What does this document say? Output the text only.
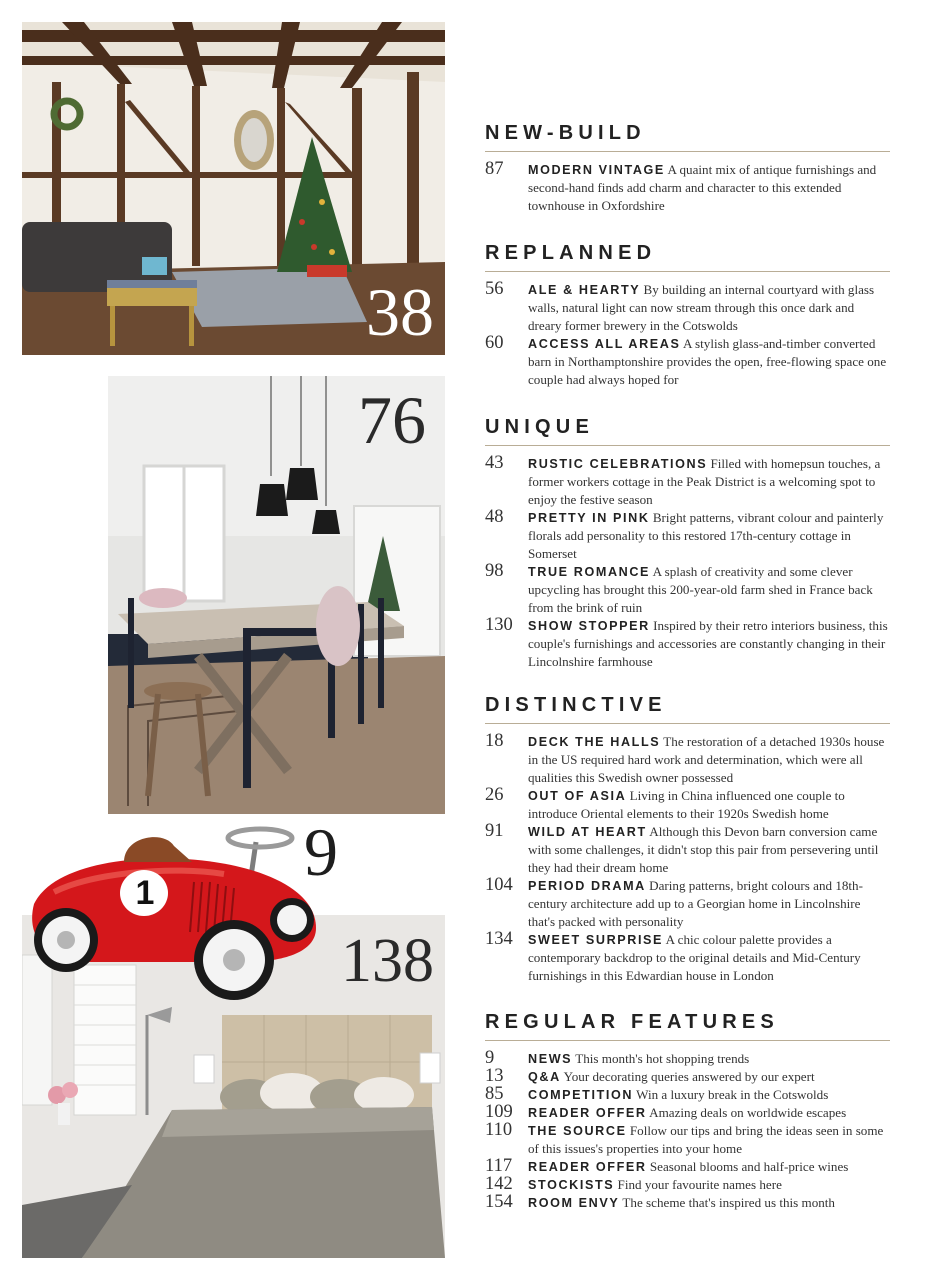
38
76
138
1
9
NEW-BUILD
87 MODERN VINTAGE A quaint mix of antique furnishings and second-hand finds add charm and character to this extended townhouse in Oxfordshire
REPLANNED
56 ALE & HEARTY By building an internal courtyard with glass walls, natural light can now stream through this once dark and dreary former brewery in the Cotswolds
60 ACCESS ALL AREAS A stylish glass-and-timber converted barn in Northamptonshire provides the open, free-flowing space one couple had always hoped for
UNIQUE
43 RUSTIC CELEBRATIONS Filled with homepsun touches, a former workers cottage in the Peak District is a welcoming spot to enjoy the festive season
48 PRETTY IN PINK Bright patterns, vibrant colour and painterly florals add personality to this restored 17th-century cottage in Somerset
98 TRUE ROMANCE A splash of creativity and some clever upcycling has brought this 200-year-old farm shed in France back from the brink of ruin
130 SHOW STOPPER Inspired by their retro interiors business, this couple's furnishings and accessories are constantly changing in their Lincolnshire farmhouse
DISTINCTIVE
18 DECK THE HALLS The restoration of a detached 1930s house in the US required hard work and determination, which were all qualities this Swedish owner possessed
26 OUT OF ASIA Living in China influenced one couple to introduce Oriental elements to their 1920s Swedish home
91 WILD AT HEART Although this Devon barn conversion came with some challenges, it didn't stop this pair from persevering until they had their dream home
104 PERIOD DRAMA Daring patterns, bright colours and 18th-century architecture add up to a Georgian home in Lincolnshire that's packed with personality
134 SWEET SURPRISE A chic colour palette provides a contemporary backdrop to the original details and Mid-Century furnishings in this Edwardian house in London
REGULAR FEATURES
9	NEWS This month's hot shopping trends
13 Q&A Your decorating queries answered by our expert
85 COMPETITION Win a luxury break in the Cotswolds
109 READER OFFER Amazing deals on worldwide escapes
110 THE SOURCE Follow our tips and bring the ideas seen in some of this issues's properties into your home
117 READER OFFER Seasonal blooms and half-price wines
142 STOCKISTS Find your favourite names here
154 ROOM ENVY The scheme that's inspired us this month
